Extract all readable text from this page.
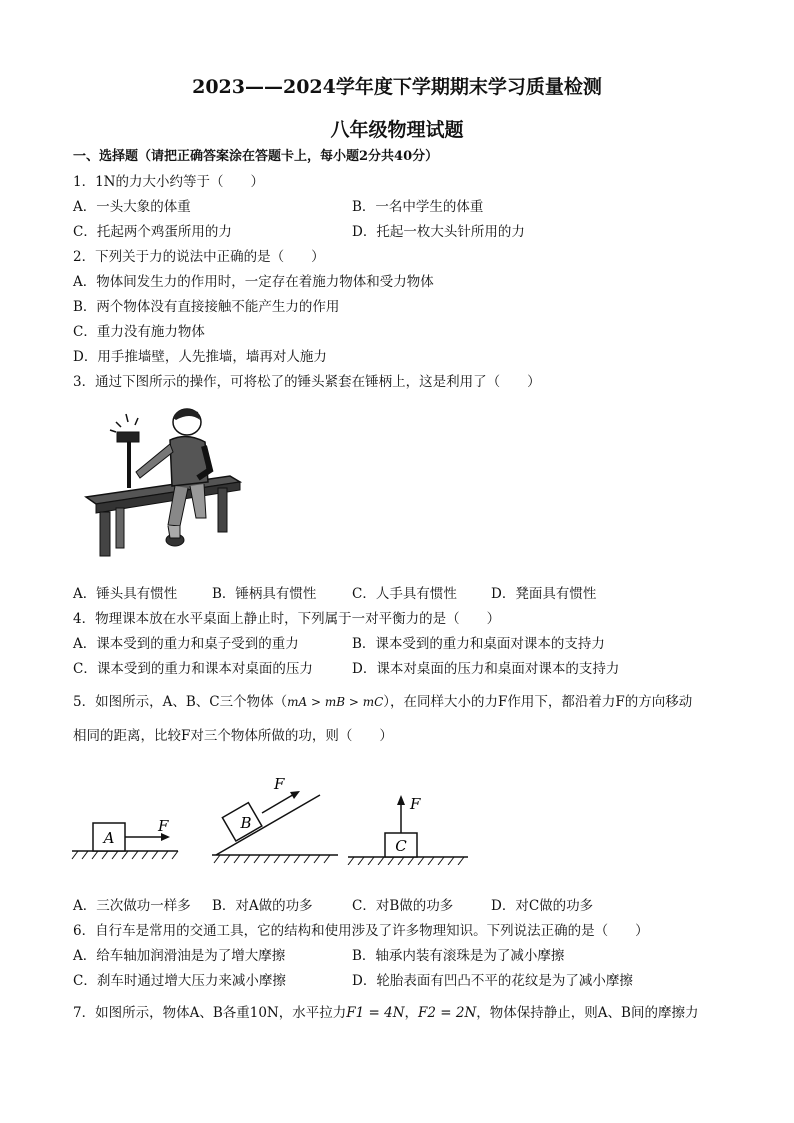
2023——2024学年度下学期期末学习质量检测
八年级物理试题
一、选择题（请把正确答案涂在答题卡上，每小题2分共40分）
1．1N的力大小约等于（　　）
A．一头大象的体重	B．一名中学生的体重
C．托起两个鸡蛋所用的力	D．托起一枚大头针所用的力
2．下列关于力的说法中正确的是（　　）
A．物体间发生力的作用时，一定存在着施力物体和受力物体
B．两个物体没有直接接触不能产生力的作用
C．重力没有施力物体
D．用手推墙壁，人先推墙，墙再对人施力
3．通过下图所示的操作，可将松了的锤头紧套在锤柄上，这是利用了（　　）
A．锤头具有惯性	B．锤柄具有惯性	C．人手具有惯性	D．凳面具有惯性
4．物理课本放在水平桌面上静止时，下列属于一对平衡力的是（　　）
A．课本受到的重力和桌子受到的重力	B．课本受到的重力和桌面对课本的支持力
C．课本受到的重力和课本对桌面的压力	D．课本对桌面的压力和桌面对课本的支持力
5．如图所示，A、B、C三个物体（mA > mB > mC），在同样大小的力F作用下，都沿着力F的方向移动
相同的距离，比较F对三个物体所做的功，则（　　）
A
F	B
F
C
F
A．三次做功一样多 B．对A做的功多	C．对B做的功多	D．对C做的功多
6．自行车是常用的交通工具，它的结构和使用涉及了许多物理知识。下列说法正确的是（　　）
A．给车轴加润滑油是为了增大摩擦	B．轴承内装有滚珠是为了减小摩擦
C．刹车时通过增大压力来减小摩擦	D．轮胎表面有凹凸不平的花纹是为了减小摩擦
7．如图所示，物体A、B各重10N，水平拉力F1 = 4N，F2 = 2N，物体保持静止，则A、B间的摩擦力
